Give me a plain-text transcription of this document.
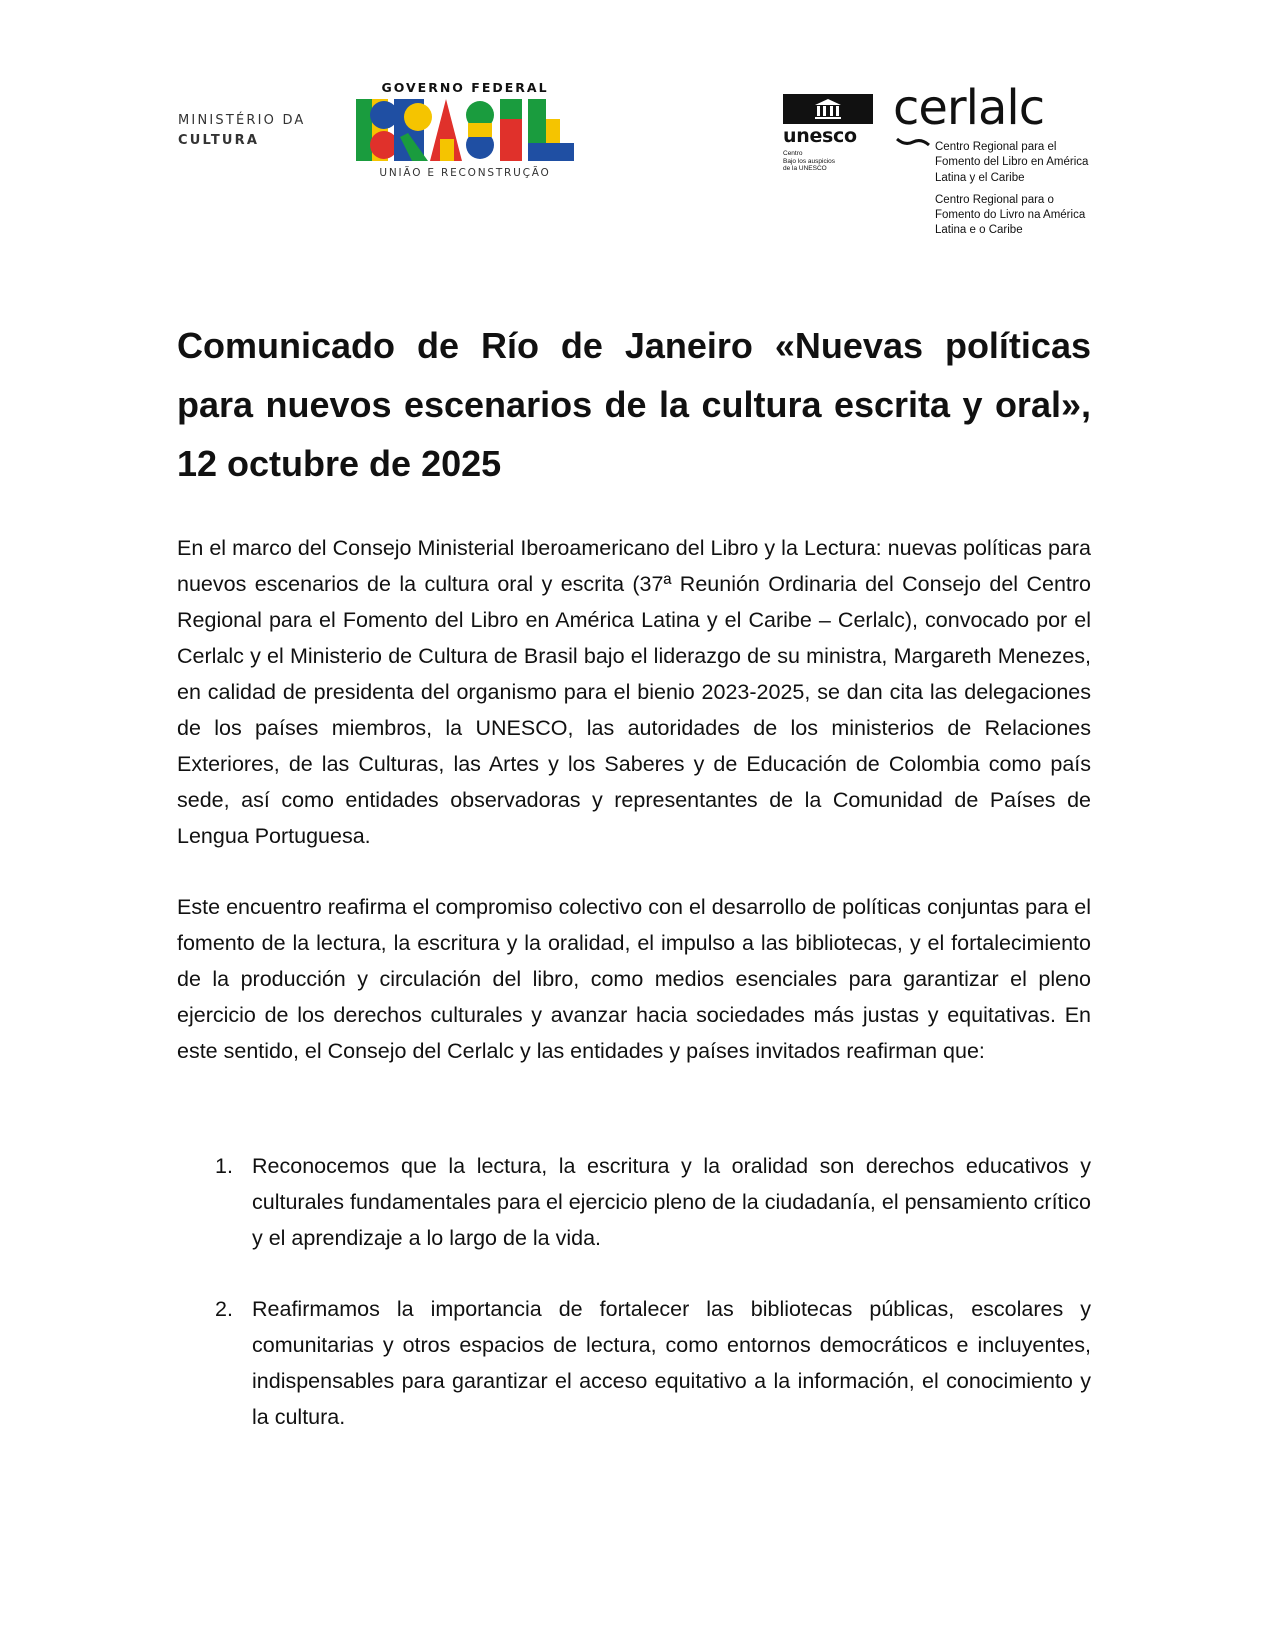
MINISTÉRIO DA
CULTURA
GOVERNO FEDERAL
UNIÃO E RECONSTRUÇÃO
unesco
Centro
Bajo los auspicios
de la UNESCO
cerlalc

Centro Regional para el
Fomento del Libro en América
Latina y el Caribe

Centro Regional para o
Fomento do Livro na América
Latina e o Caribe

Comunicado de Río de Janeiro «Nuevas políticas para nuevos escenarios de la cultura escrita y oral», 12 octubre de 2025

En el marco del Consejo Ministerial Iberoamericano del Libro y la Lectura: nuevas políticas para nuevos escenarios de la cultura oral y escrita (37ª Reunión Ordinaria del Consejo del Centro Regional para el Fomento del Libro en América Latina y el Caribe – Cerlalc), convocado por el Cerlalc y el Ministerio de Cultura de Brasil bajo el liderazgo de su ministra, Margareth Menezes, en calidad de presidenta del organismo para el bienio 2023-2025, se dan cita las delegaciones de los países miembros, la UNESCO, las autoridades de los ministerios de Relaciones Exteriores, de las Culturas, las Artes y los Saberes y de Educación de Colombia como país sede, así como entidades observadoras y representantes de la Comunidad de Países de Lengua Portuguesa.

Este encuentro reafirma el compromiso colectivo con el desarrollo de políticas conjuntas para el fomento de la lectura, la escritura y la oralidad, el impulso a las bibliotecas, y el fortalecimiento de la producción y circulación del libro, como medios esenciales para garantizar el pleno ejercicio de los derechos culturales y avanzar hacia sociedades más justas y equitativas. En este sentido, el Consejo del Cerlalc y las entidades y países invitados reafirman que:

1. Reconocemos que la lectura, la escritura y la oralidad son derechos educativos y culturales fundamentales para el ejercicio pleno de la ciudadanía, el pensamiento crítico y el aprendizaje a lo largo de la vida.

2. Reafirmamos la importancia de fortalecer las bibliotecas públicas, escolares y comunitarias y otros espacios de lectura, como entornos democráticos e incluyentes, indispensables para garantizar el acceso equitativo a la información, el conocimiento y la cultura.
